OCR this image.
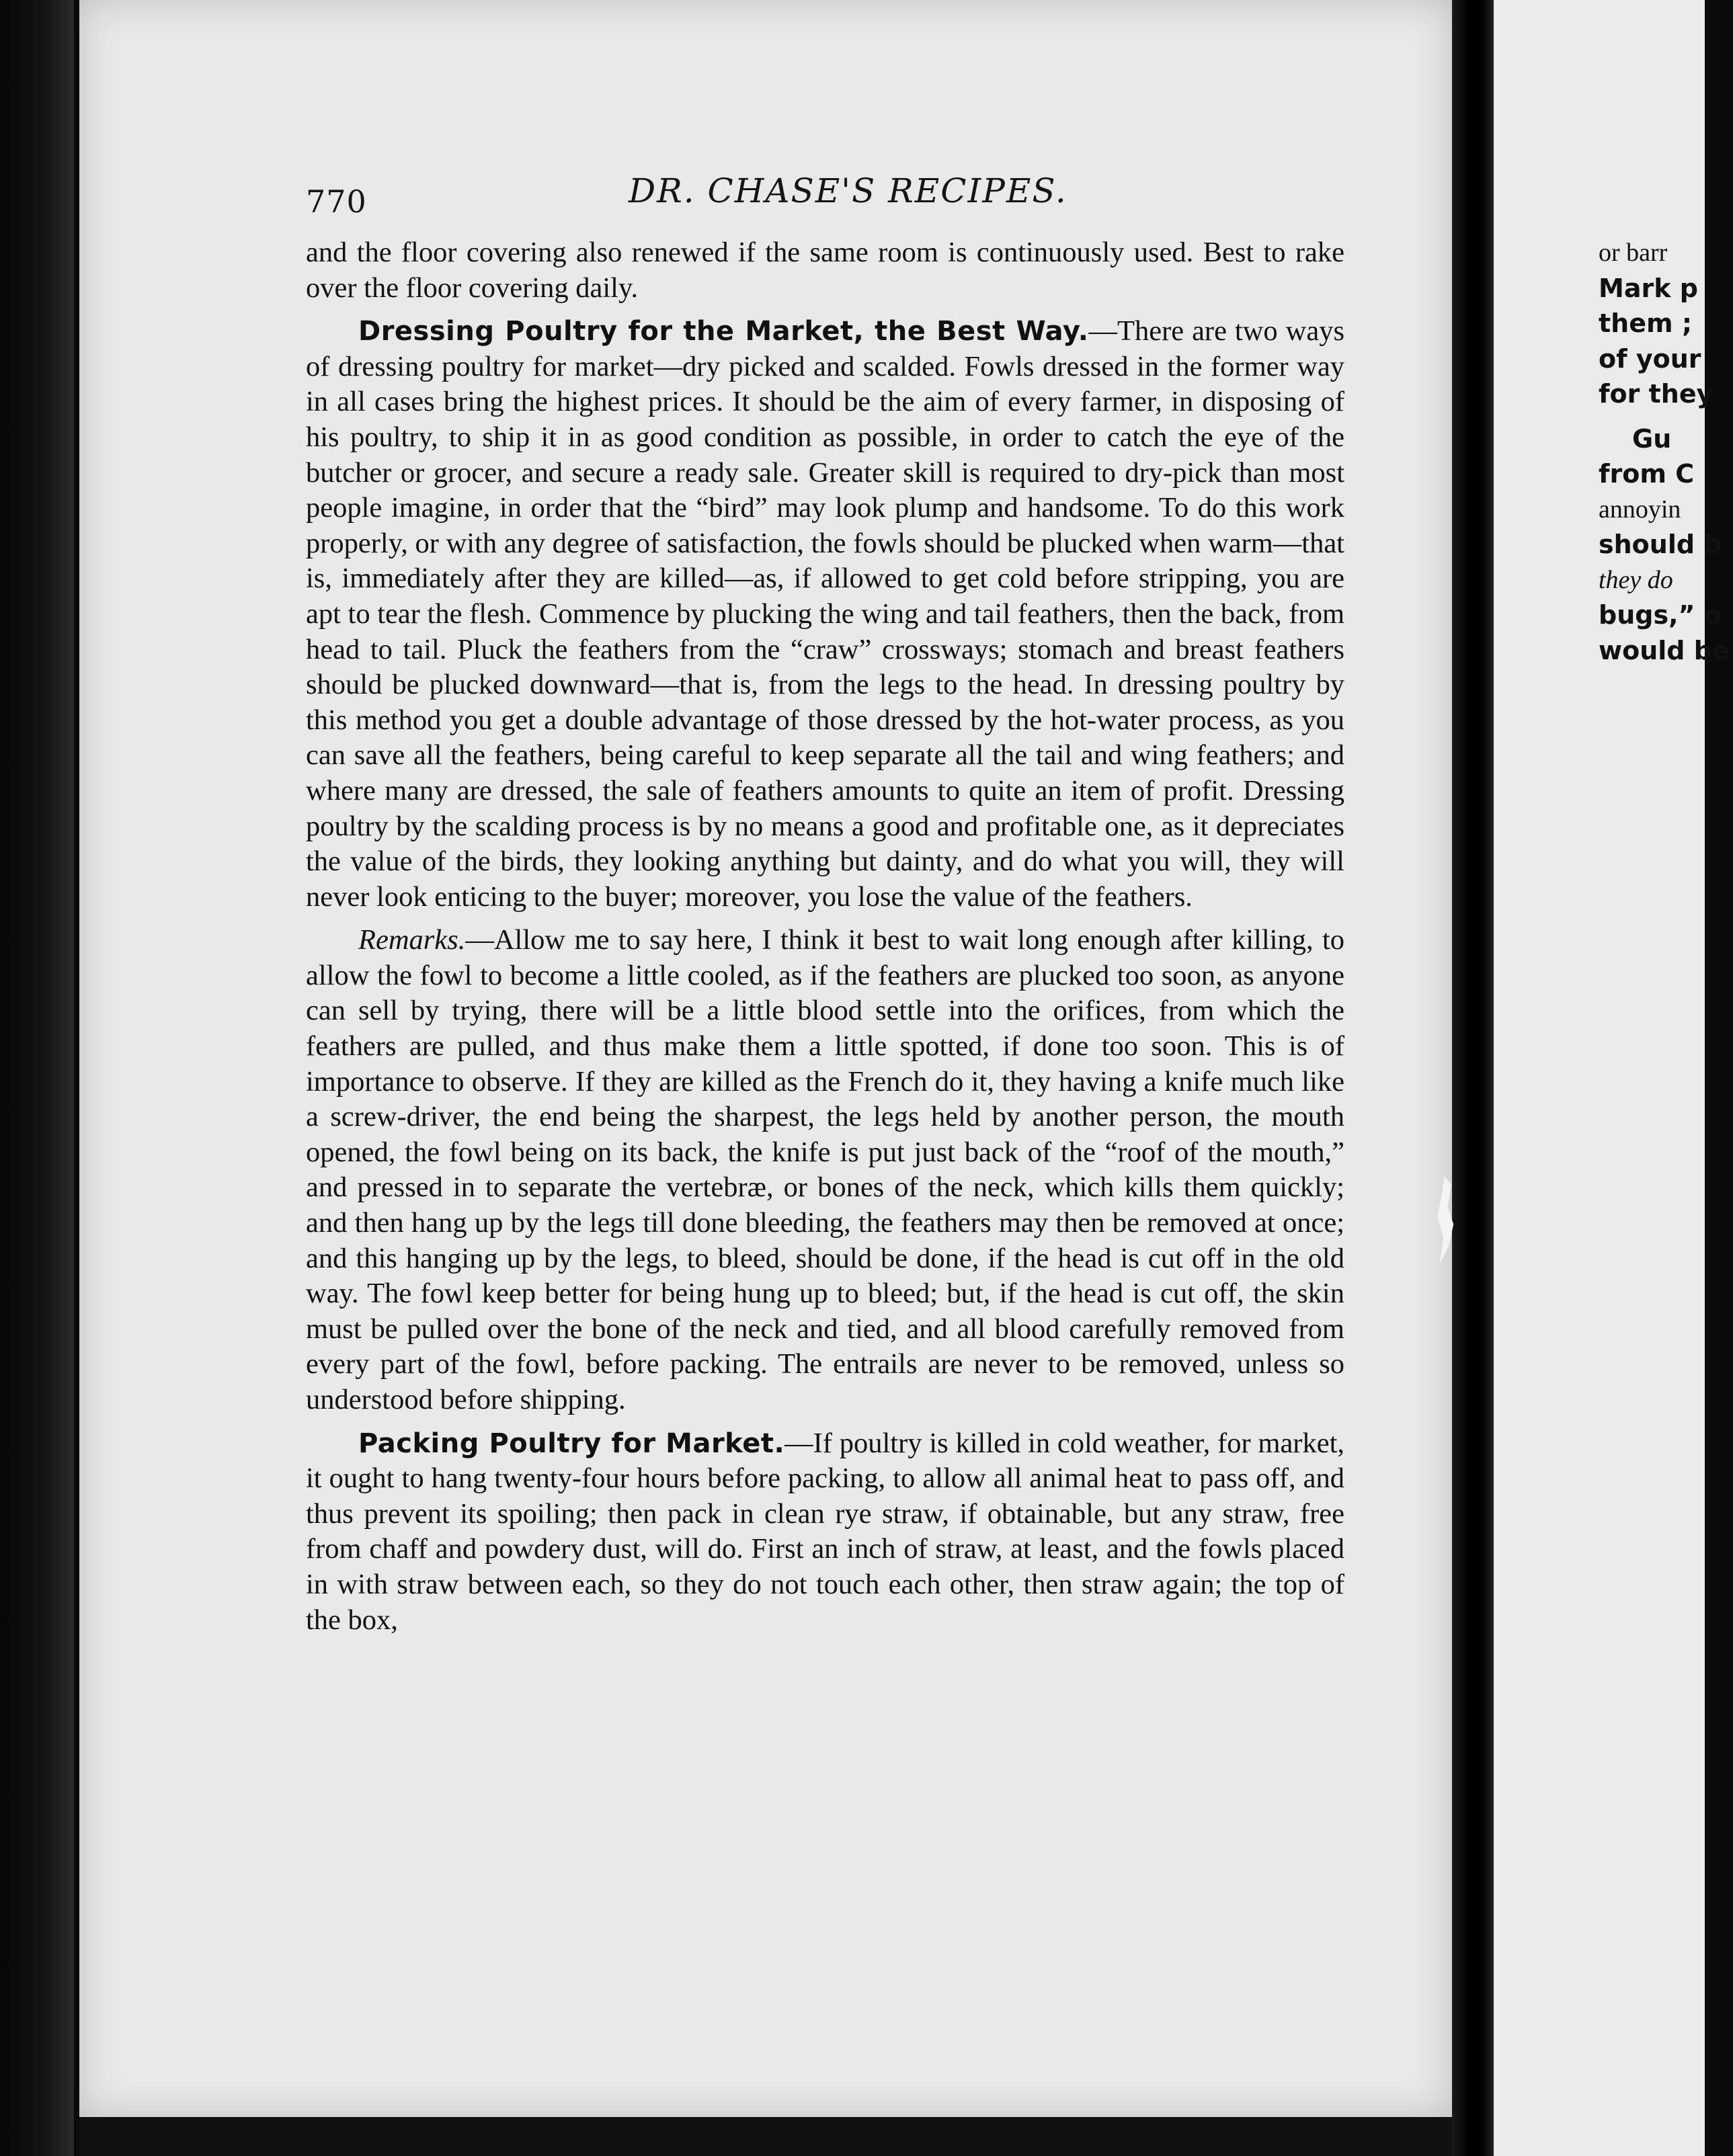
770	DR. CHASE'S RECIPES.

and the floor covering also renewed if the same room is continuously used. Best to rake over the floor covering daily.

Dressing Poultry for the Market, the Best Way.—There are two ways of dressing poultry for market—dry picked and scalded. Fowls dressed in the former way in all cases bring the highest prices. It should be the aim of every farmer, in disposing of his poultry, to ship it in as good condition as possible, in order to catch the eye of the butcher or grocer, and secure a ready sale. Greater skill is required to dry-pick than most people imagine, in order that the “bird” may look plump and handsome. To do this work properly, or with any degree of satisfaction, the fowls should be plucked when warm—that is, immediately after they are killed—as, if allowed to get cold before stripping, you are apt to tear the flesh. Commence by plucking the wing and tail feathers, then the back, from head to tail. Pluck the feathers from the “craw” crossways; stomach and breast feathers should be plucked downward—that is, from the legs to the head. In dressing poultry by this method you get a double advantage of those dressed by the hot-water process, as you can save all the feathers, being careful to keep separate all the tail and wing feathers; and where many are dressed, the sale of feathers amounts to quite an item of profit. Dressing poultry by the scalding process is by no means a good and profitable one, as it depreciates the value of the birds, they looking anything but dainty, and do what you will, they will never look enticing to the buyer; moreover, you lose the value of the feathers.

Remarks.—Allow me to say here, I think it best to wait long enough after killing, to allow the fowl to become a little cooled, as if the feathers are plucked too soon, as anyone can sell by trying, there will be a little blood settle into the orifices, from which the feathers are pulled, and thus make them a little spotted, if done too soon. This is of importance to observe. If they are killed as the French do it, they having a knife much like a screw-driver, the end being the sharpest, the legs held by another person, the mouth opened, the fowl being on its back, the knife is put just back of the “roof of the mouth,” and pressed in to separate the vertebræ, or bones of the neck, which kills them quickly; and then hang up by the legs till done bleeding, the feathers may then be removed at once; and this hanging up by the legs, to bleed, should be done, if the head is cut off in the old way. The fowl keep better for being hung up to bleed; but, if the head is cut off, the skin must be pulled over the bone of the neck and tied, and all blood carefully removed from every part of the fowl, before packing. The entrails are never to be removed, unless so understood before shipping.

Packing Poultry for Market.—If poultry is killed in cold weather, for market, it ought to hang twenty-four hours before packing, to allow all animal heat to pass off, and thus prevent its spoiling; then pack in clean rye straw, if obtainable, but any straw, free from chaff and powdery dust, will do. First an inch of straw, at least, and the fowls placed in with straw between each, so they do not touch each other, then straw again; the top of the box,

or barr
Mark p
them ;
of your
for they
Gu
from C
annoyin
should b
they do
bugs,” o
would be
